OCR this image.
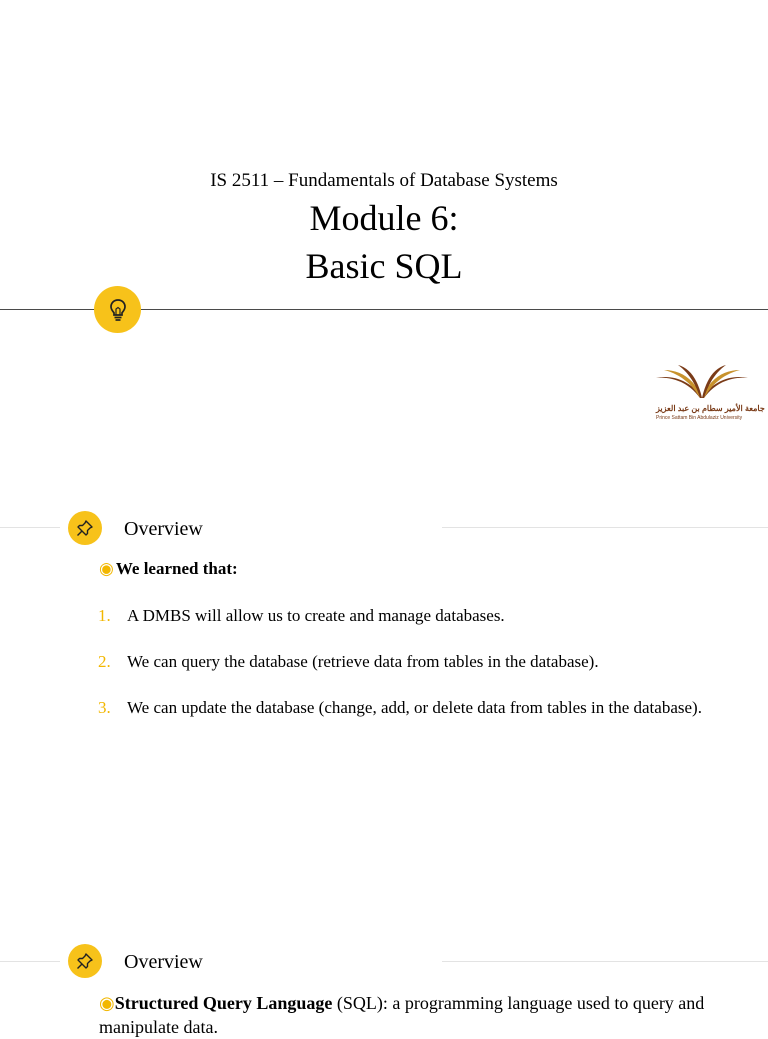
IS 2511 – Fundamentals of Database Systems
Module 6:
Basic SQL
جامعة الأمير سطام بن عبد العزيز
Prince Sattam Bin Abdulaziz University
Overview
◉ We learned that:
1. A DMBS will allow us to create and manage databases.
2. We can query the database (retrieve data from tables in the database).
3. We can update the database (change, add, or delete data from tables in the database).
Overview
◉Structured Query Language (SQL): a programming language used to query and manipulate data.
